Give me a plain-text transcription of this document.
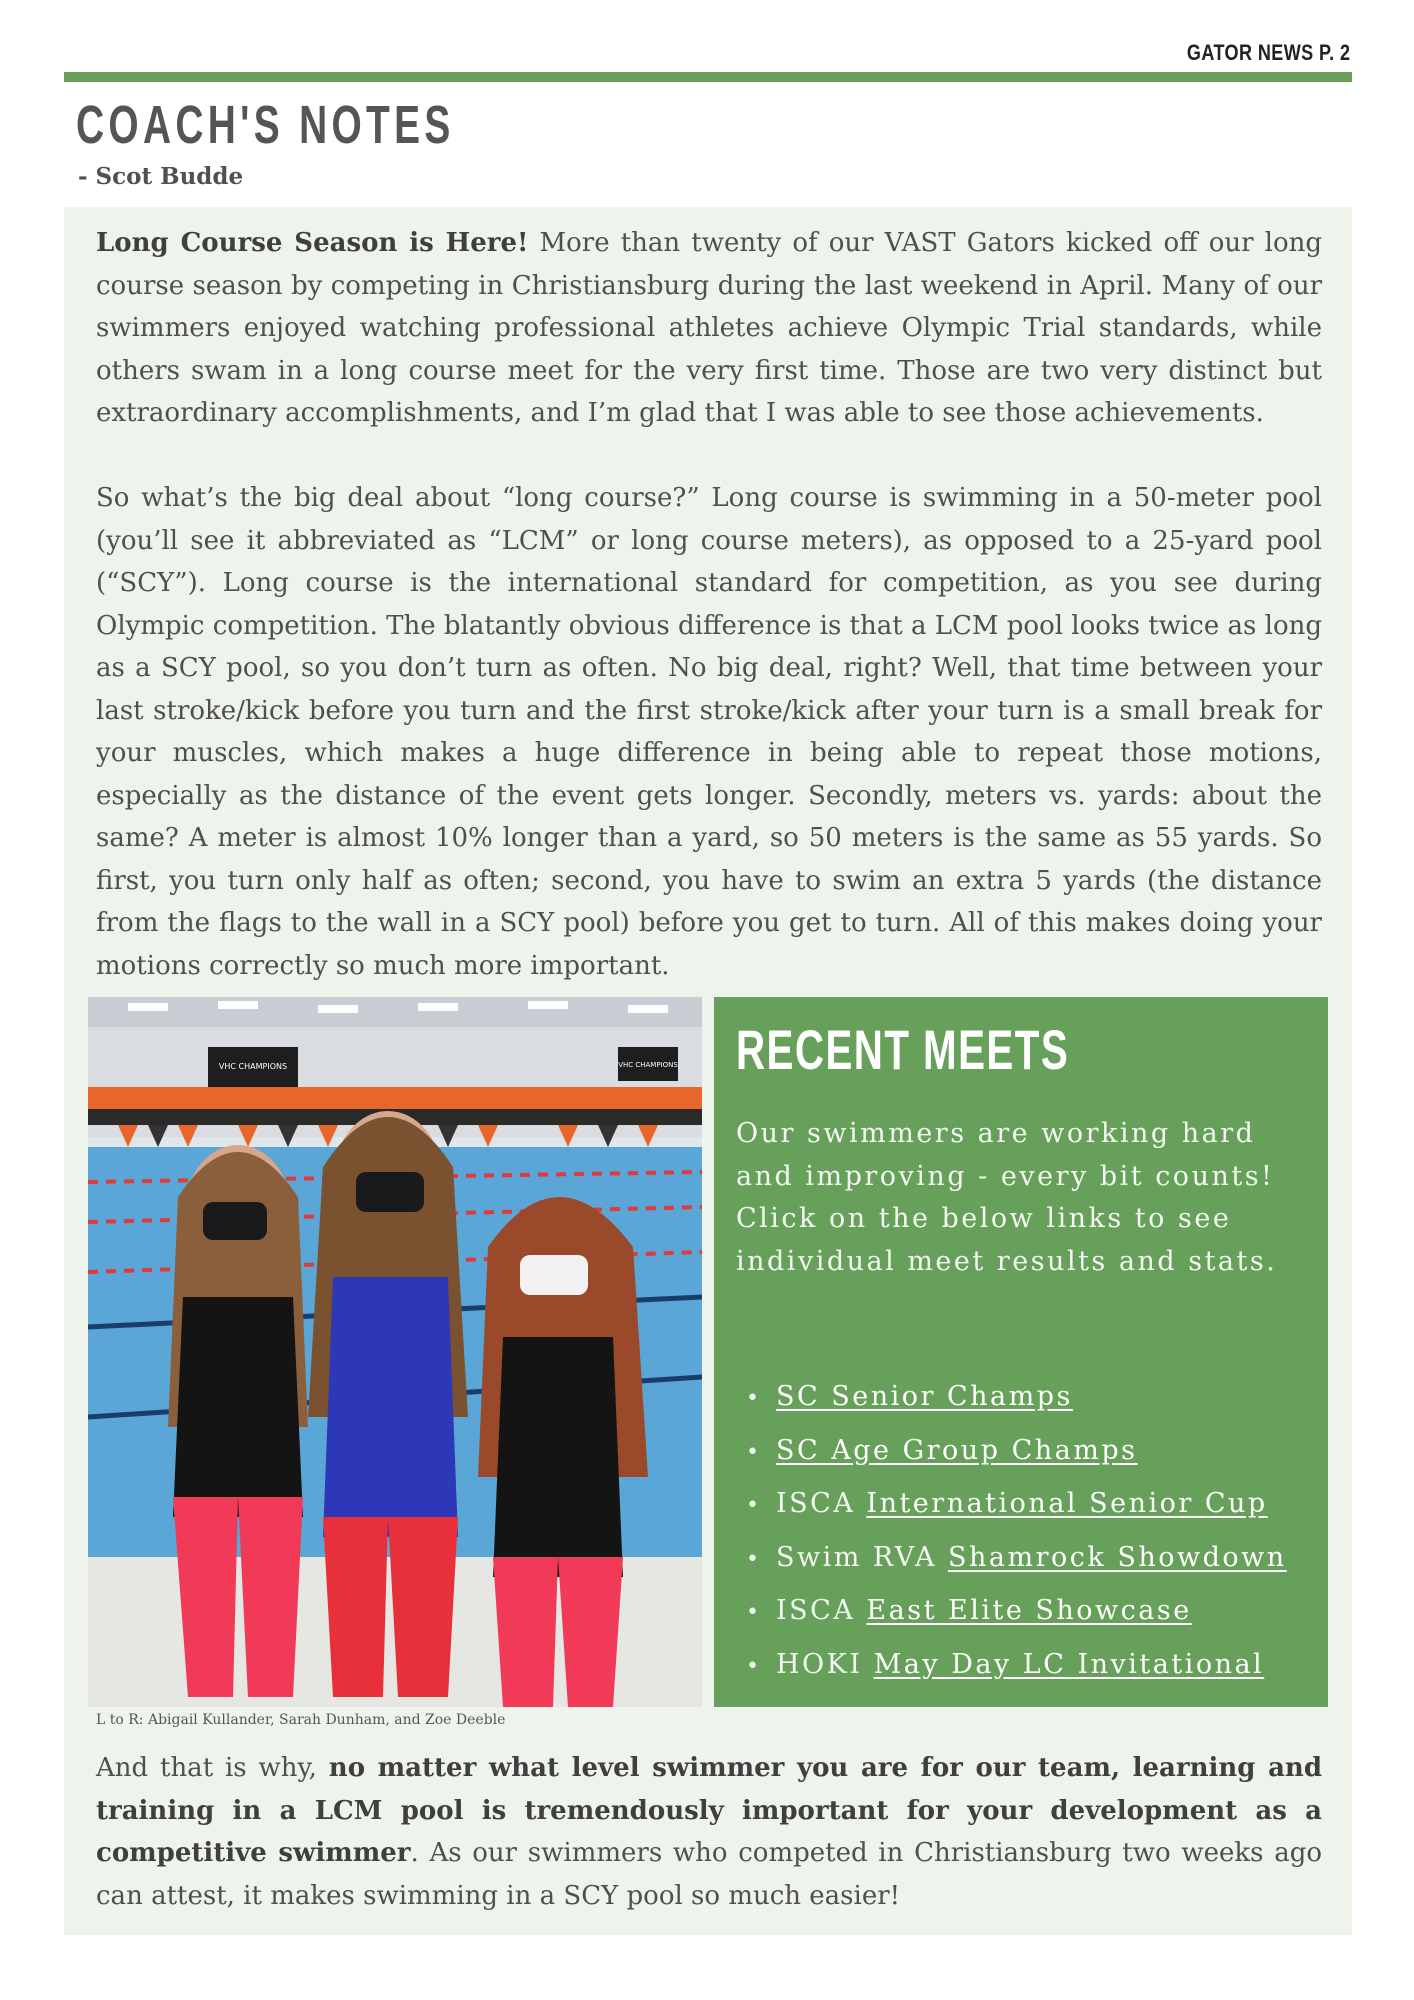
GATOR NEWS P. 2
COACH'S NOTES
- Scot Budde

Long Course Season is Here! More than twenty of our VAST Gators kicked off our long course season by competing in Christiansburg during the last weekend in April. Many of our swimmers enjoyed watching professional athletes achieve Olympic Trial standards, while others swam in a long course meet for the very first time. Those are two very distinct but extraordinary accomplishments, and I’m glad that I was able to see those achievements.

So what’s the big deal about “long course?” Long course is swimming in a 50-meter pool (you’ll see it abbreviated as “LCM” or long course meters), as opposed to a 25-yard pool (“SCY”). Long course is the international standard for competition, as you see during Olympic competition. The blatantly obvious difference is that a LCM pool looks twice as long as a SCY pool, so you don’t turn as often. No big deal, right? Well, that time between your last stroke/kick before you turn and the first stroke/kick after your turn is a small break for your muscles, which makes a huge difference in being able to repeat those motions, especially as the distance of the event gets longer. Secondly, meters vs. yards: about the same? A meter is almost 10% longer than a yard, so 50 meters is the same as 55 yards. So first, you turn only half as often; second, you have to swim an extra 5 yards (the distance from the flags to the wall in a SCY pool) before you get to turn. All of this makes doing your motions correctly so much more important.

VHC CHAMPIONS	VHC CHAMPIONS
L to R: Abigail Kullander, Sarah Dunham, and Zoe Deeble
RECENT MEETS
Our swimmers are working hard and improving - every bit counts! Click on the below links to see individual meet results and stats.
• SC Senior Champs
• SC Age Group Champs
• ISCA International Senior Cup
• Swim RVA Shamrock Showdown
• ISCA East Elite Showcase
• HOKI May Day LC Invitational

And that is why, no matter what level swimmer you are for our team, learning and training in a LCM pool is tremendously important for your development as a competitive swimmer. As our swimmers who competed in Christiansburg two weeks ago can attest, it makes swimming in a SCY pool so much easier!
